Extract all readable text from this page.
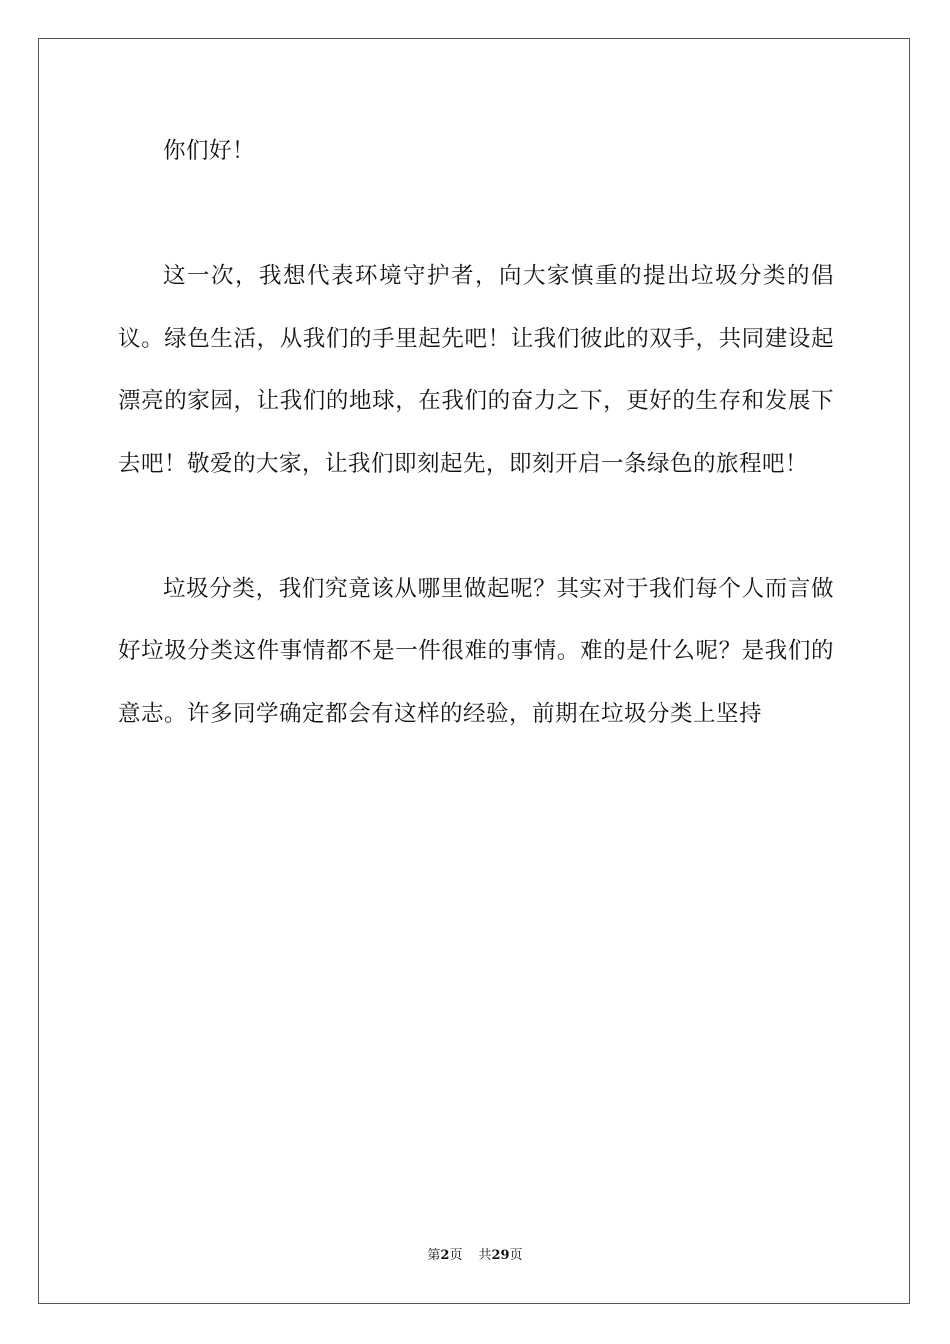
你们好！

这一次，我想代表环境守护者，向大家慎重的提出垃圾分类的倡议。绿色生活，从我们的手里起先吧！让我们彼此的双手，共同建设起漂亮的家园，让我们的地球，在我们的奋力之下，更好的生存和发展下去吧！敬爱的大家，让我们即刻起先，即刻开启一条绿色的旅程吧！

垃圾分类，我们究竟该从哪里做起呢？其实对于我们每个人而言做好垃圾分类这件事情都不是一件很难的事情。难的是什么呢？是我们的意志。许多同学确定都会有这样的经验，前期在垃圾分类上坚持

第2页 共29页
